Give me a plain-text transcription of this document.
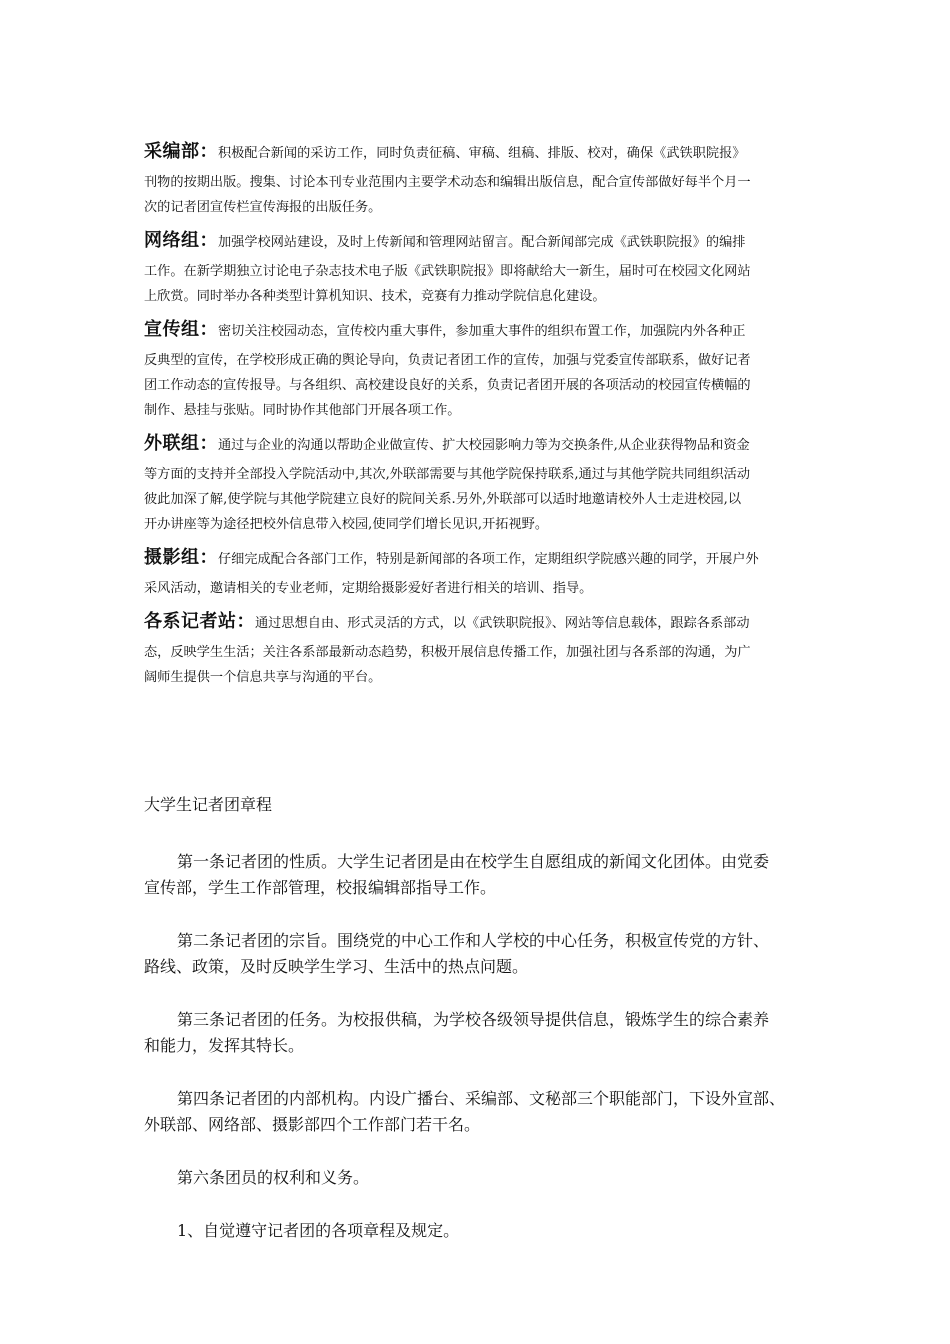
采编部：积极配合新闻的采访工作，同时负责征稿、审稿、组稿、排版、校对，确保《武铁职院报》
刊物的按期出版。搜集、讨论本刊专业范围内主要学术动态和编辑出版信息，配合宣传部做好每半个月一
次的记者团宣传栏宣传海报的出版任务。

网络组：加强学校网站建设，及时上传新闻和管理网站留言。配合新闻部完成《武铁职院报》的编排
工作。在新学期独立讨论电子杂志技术电子版《武铁职院报》即将献给大一新生，届时可在校园文化网站
上欣赏。同时举办各种类型计算机知识、技术，竞赛有力推动学院信息化建设。

宣传组：密切关注校园动态，宣传校内重大事件，参加重大事件的组织布置工作，加强院内外各种正
反典型的宣传，在学校形成正确的舆论导向，负责记者团工作的宣传，加强与党委宣传部联系，做好记者
团工作动态的宣传报导。与各组织、高校建设良好的关系，负责记者团开展的各项活动的校园宣传横幅的
制作、悬挂与张贴。同时协作其他部门开展各项工作。

外联组：通过与企业的沟通以帮助企业做宣传、扩大校园影响力等为交换条件,从企业获得物品和资金
等方面的支持并全部投入学院活动中,其次,外联部需要与其他学院保持联系,通过与其他学院共同组织活动
彼此加深了解,使学院与其他学院建立良好的院间关系.另外,外联部可以适时地邀请校外人士走进校园,以
开办讲座等为途径把校外信息带入校园,使同学们增长见识,开拓视野。

摄影组：仔细完成配合各部门工作，特别是新闻部的各项工作，定期组织学院感兴趣的同学，开展户外
采风活动，邀请相关的专业老师，定期给摄影爱好者进行相关的培训、指导。

各系记者站：通过思想自由、形式灵活的方式，以《武铁职院报》、网站等信息载体，跟踪各系部动
态，反映学生生活；关注各系部最新动态趋势，积极开展信息传播工作，加强社团与各系部的沟通，为广
阔师生提供一个信息共享与沟通的平台。

大学生记者团章程

第一条记者团的性质。大学生记者团是由在校学生自愿组成的新闻文化团体。由党委
宣传部，学生工作部管理，校报编辑部指导工作。

第二条记者团的宗旨。围绕党的中心工作和人学校的中心任务，积极宣传党的方针、
路线、政策，及时反映学生学习、生活中的热点问题。

第三条记者团的任务。为校报供稿，为学校各级领导提供信息，锻炼学生的综合素养
和能力，发挥其特长。

第四条记者团的内部机构。内设广播台、采编部、文秘部三个职能部门，下设外宣部、
外联部、网络部、摄影部四个工作部门若干名。

第六条团员的权利和义务。

1、自觉遵守记者团的各项章程及规定。
